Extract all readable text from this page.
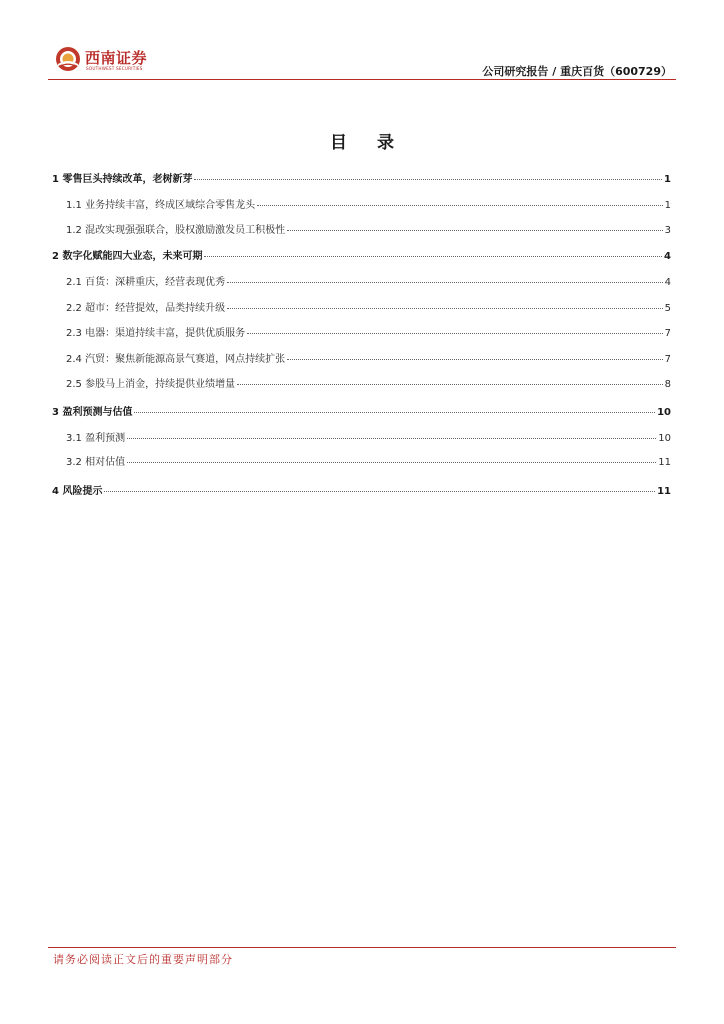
西南证券
SOUTHWEST SECURITIES	公司研究报告 / 重庆百货（600729）
目 录
1 零售巨头持续改革，老树新芽	1
1.1 业务持续丰富，终成区域综合零售龙头	1
1.2 混改实现强强联合，股权激励激发员工积极性	3
2 数字化赋能四大业态，未来可期	4
2.1 百货：深耕重庆，经营表现优秀	4
2.2 超市：经营提效，品类持续升级	5
2.3 电器：渠道持续丰富，提供优质服务	7
2.4 汽贸：聚焦新能源高景气赛道，网点持续扩张	7
2.5 参股马上消金，持续提供业绩增量	8
3 盈利预测与估值	10
3.1 盈利预测	10
3.2 相对估值	11
4 风险提示	11
请务必阅读正文后的重要声明部分
